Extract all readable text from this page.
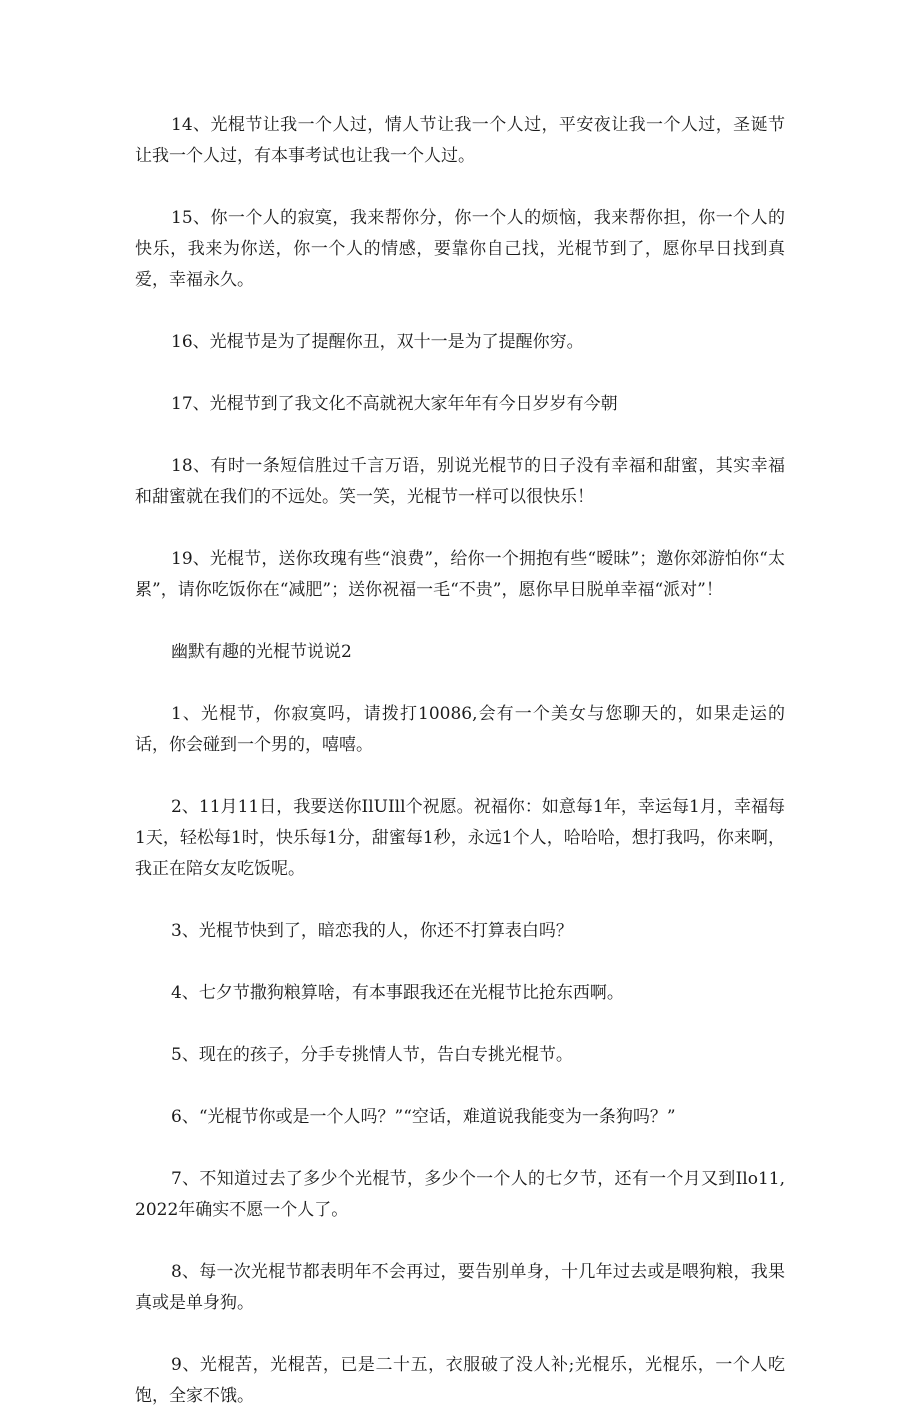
14、光棍节让我一个人过，情人节让我一个人过，平安夜让我一个人过，圣诞节让我一个人过，有本事考试也让我一个人过。

15、你一个人的寂寞，我来帮你分，你一个人的烦恼，我来帮你担，你一个人的快乐，我来为你送，你一个人的情感，要靠你自己找，光棍节到了，愿你早日找到真爱，幸福永久。

16、光棍节是为了提醒你丑，双十一是为了提醒你穷。

17、光棍节到了我文化不高就祝大家年年有今日岁岁有今朝

18、有时一条短信胜过千言万语，别说光棍节的日子没有幸福和甜蜜，其实幸福和甜蜜就在我们的不远处。笑一笑，光棍节一样可以很快乐！

19、光棍节，送你玫瑰有些“浪费”，给你一个拥抱有些“暧昧”；邀你郊游怕你“太累”，请你吃饭你在“减肥”；送你祝福一毛“不贵”，愿你早日脱单幸福“派对”！

幽默有趣的光棍节说说2

1、光棍节，你寂寞吗，请拨打10086,会有一个美女与您聊天的，如果走运的话，你会碰到一个男的，嘻嘻。

2、11月11日，我要送你IlUIll个祝愿。祝福你：如意每1年，幸运每1月，幸福每1天，轻松每1时，快乐每1分，甜蜜每1秒，永远1个人，哈哈哈，想打我吗，你来啊，我正在陪女友吃饭呢。

3、光棍节快到了，暗恋我的人，你还不打算表白吗？

4、七夕节撒狗粮算啥，有本事跟我还在光棍节比抢东西啊。

5、现在的孩子，分手专挑情人节，告白专挑光棍节。

6、“光棍节你或是一个人吗？”“空话，难道说我能变为一条狗吗？”

7、不知道过去了多少个光棍节，多少个一个人的七夕节，还有一个月又到Ilo11,2022年确实不愿一个人了。

8、每一次光棍节都表明年不会再过，要告别单身，十几年过去或是喂狗粮，我果真或是单身狗。

9、光棍苦，光棍苦，已是二十五，衣服破了没人补;光棍乐，光棍乐，一个人吃饱，全家不饿。
